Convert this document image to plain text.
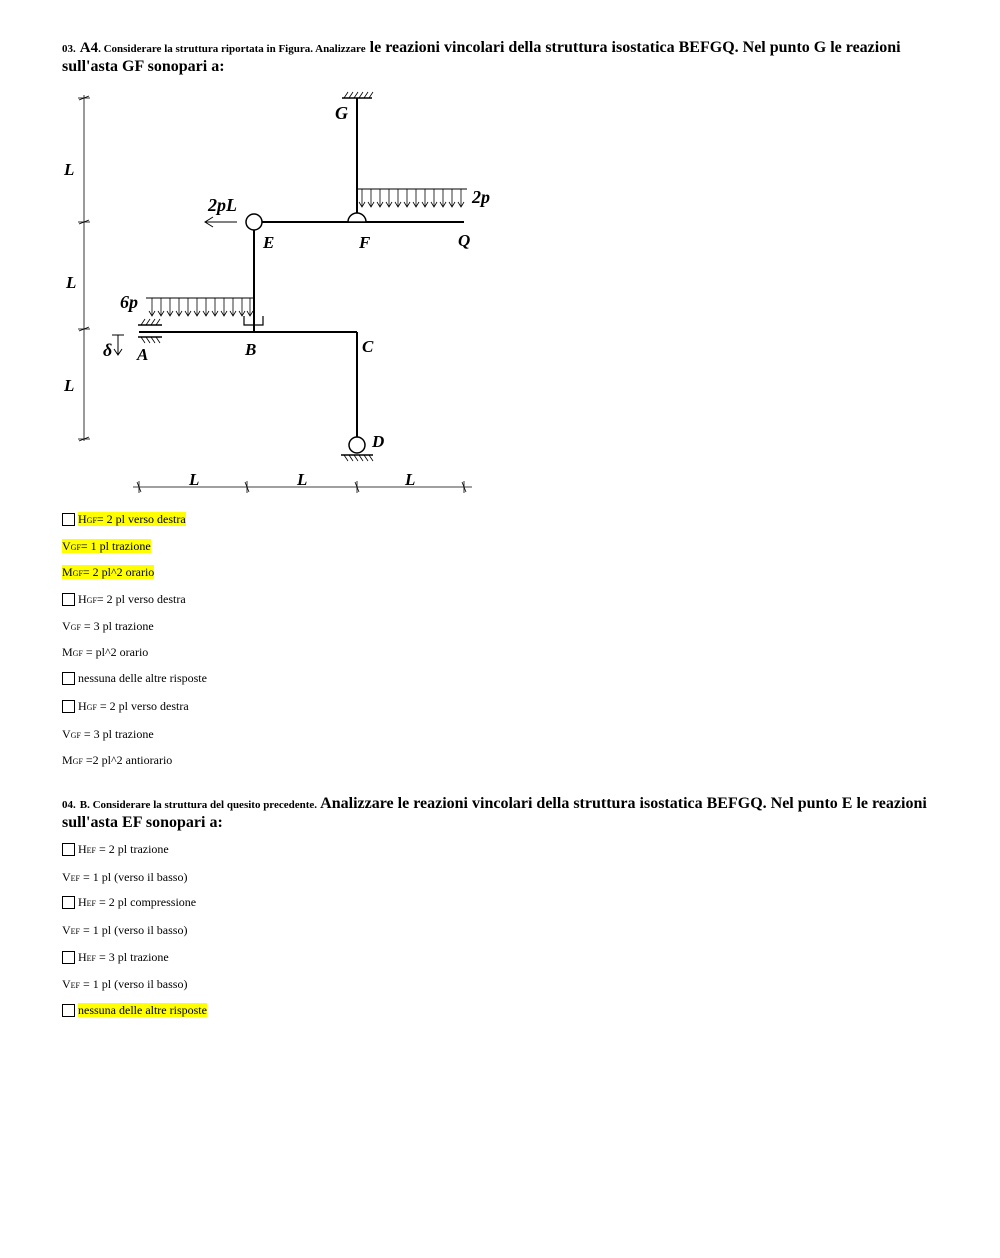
03. A4. Considerare la struttura riportata in Figura. Analizzare le reazioni vincolari della struttura isostatica BEFGQ. Nel punto G le reazioni sull'asta GF sonopari a:
G
E	F	Q
B	C
D
A
δ
2pL	2p
6p
L
L
L
L	L	L
HGF= 2 pl verso destra
VGF= 1 pl trazione
MGF= 2 pl^2 orario
HGF= 2 pl verso destra
VGF = 3 pl trazione
MGF = pl^2 orario
nessuna delle altre risposte
HGF = 2 pl verso destra
VGF = 3 pl trazione
MGF =2 pl^2 antiorario
04. B. Considerare la struttura del quesito precedente. Analizzare le reazioni vincolari della struttura isostatica BEFGQ. Nel punto E le reazioni sull'asta EF sonopari a:
HEF = 2 pl trazione
VEF = 1 pl (verso il basso)
HEF = 2 pl compressione
VEF = 1 pl (verso il basso)
HEF = 3 pl trazione
VEF = 1 pl (verso il basso)
nessuna delle altre risposte
